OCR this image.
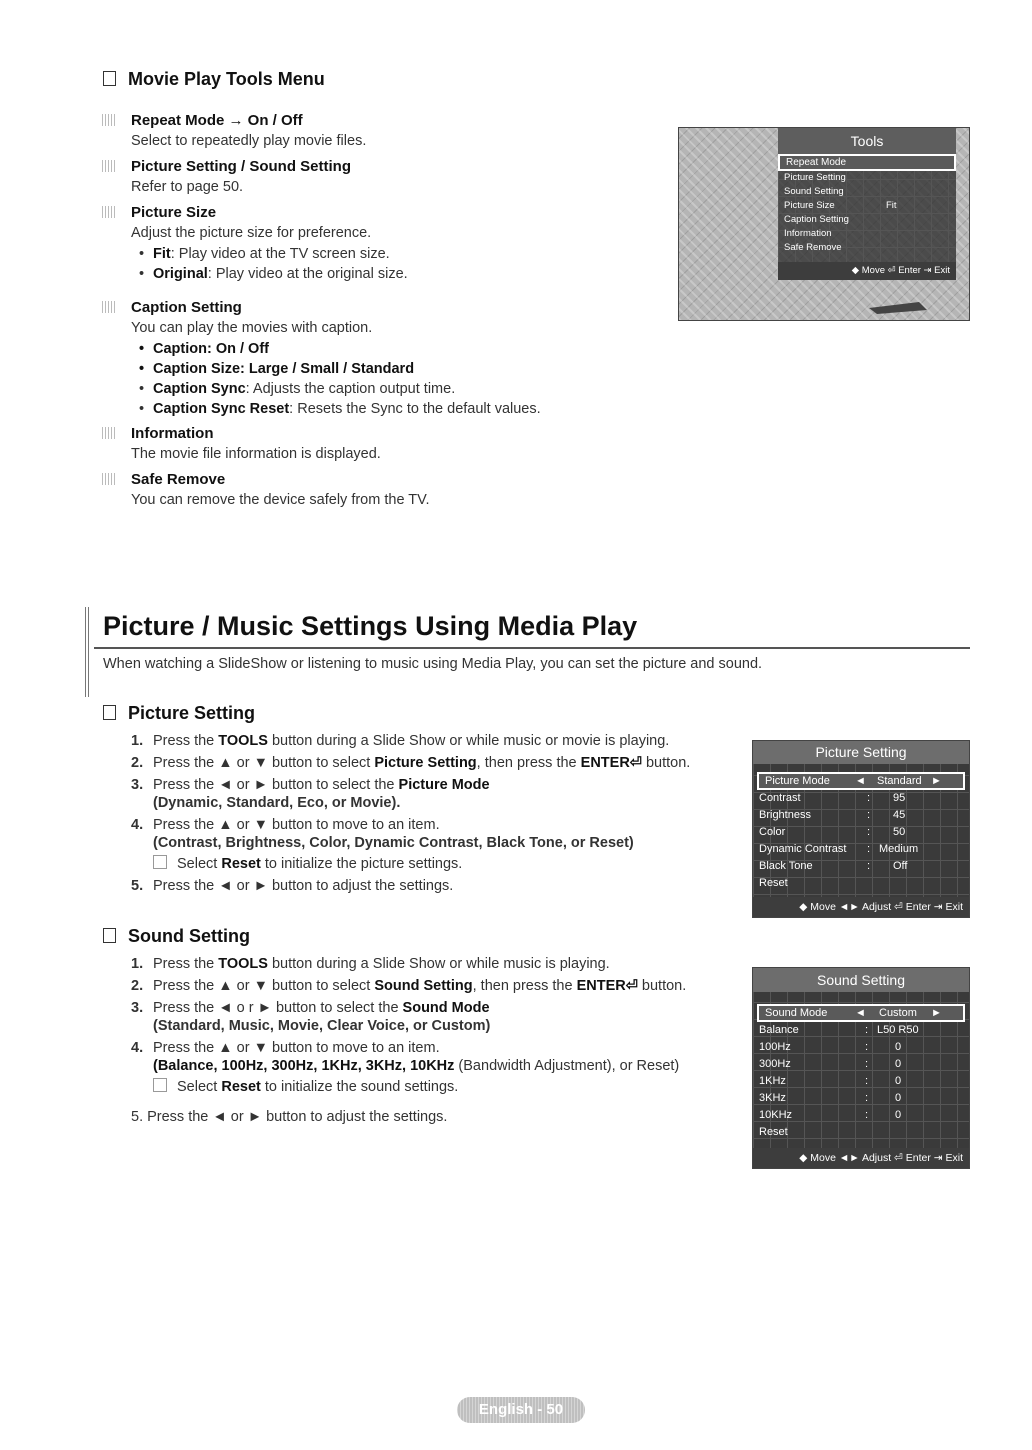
Movie Play Tools Menu
Repeat Mode → On / Off
Select to repeatedly play movie files.
Picture Setting / Sound Setting
Refer to page 50.
Picture Size
Adjust the picture size for preference.
• Fit: Play video at the TV screen size.
• Original: Play video at the original size.
Caption Setting
You can play the movies with caption.
• Caption: On / Off
• Caption Size: Large / Small / Standard
• Caption Sync: Adjusts the caption output time.
• Caption Sync Reset: Resets the Sync to the default values.
Information
The movie file information is displayed.
Safe Remove
You can remove the device safely from the TV.
Tools
Repeat Mode
Picture Setting
Sound Setting
Picture Size	Fit
Caption Setting
Information
Safe Remove
◆ Move ⏎ Enter ⇥ Exit
Picture / Music Settings Using Media Play
When watching a SlideShow or listening to music using Media Play, you can set the picture and sound.
Picture Setting
1. Press the TOOLS button during a Slide Show or while music or movie is playing.
2. Press the ▲ or ▼ button to select Picture Setting, then press the ENTER⏎ button.
3. Press the ◄ or ► button to select the Picture Mode
(Dynamic, Standard, Eco, or Movie).
4. Press the ▲ or ▼ button to move to an item.
(Contrast, Brightness, Color, Dynamic Contrast, Black Tone, or Reset)
Select Reset to initialize the picture settings.
5. Press the ◄ or ► button to adjust the settings.
Picture Setting
Picture Mode ◄ Standard ►
Contrast	: 95
Brightness	: 45
Color	: 50
Dynamic Contrast : Medium
Black Tone	: Off
Reset
◆ Move ◄► Adjust ⏎ Enter ⇥ Exit
Sound Setting
1. Press the TOOLS button during a Slide Show or while music is playing.
2. Press the ▲ or ▼ button to select Sound Setting, then press the ENTER⏎ button.
3. Press the ◄ o r ► button to select the Sound Mode
(Standard, Music, Movie, Clear Voice, or Custom)
4. Press the ▲ or ▼ button to move to an item.
(Balance, 100Hz, 300Hz, 1KHz, 3KHz, 10KHz (Bandwidth Adjustment), or Reset)
Select Reset to initialize the sound settings.
5. Press the ◄ or ► button to adjust the settings.
Sound Setting
Sound Mode	◄ Custom ►
Balance	: L50 R50
100Hz	: 0
300Hz	: 0
1KHz	: 0
3KHz	: 0
10KHz	: 0
Reset
◆ Move ◄► Adjust ⏎ Enter ⇥ Exit
English - 50
